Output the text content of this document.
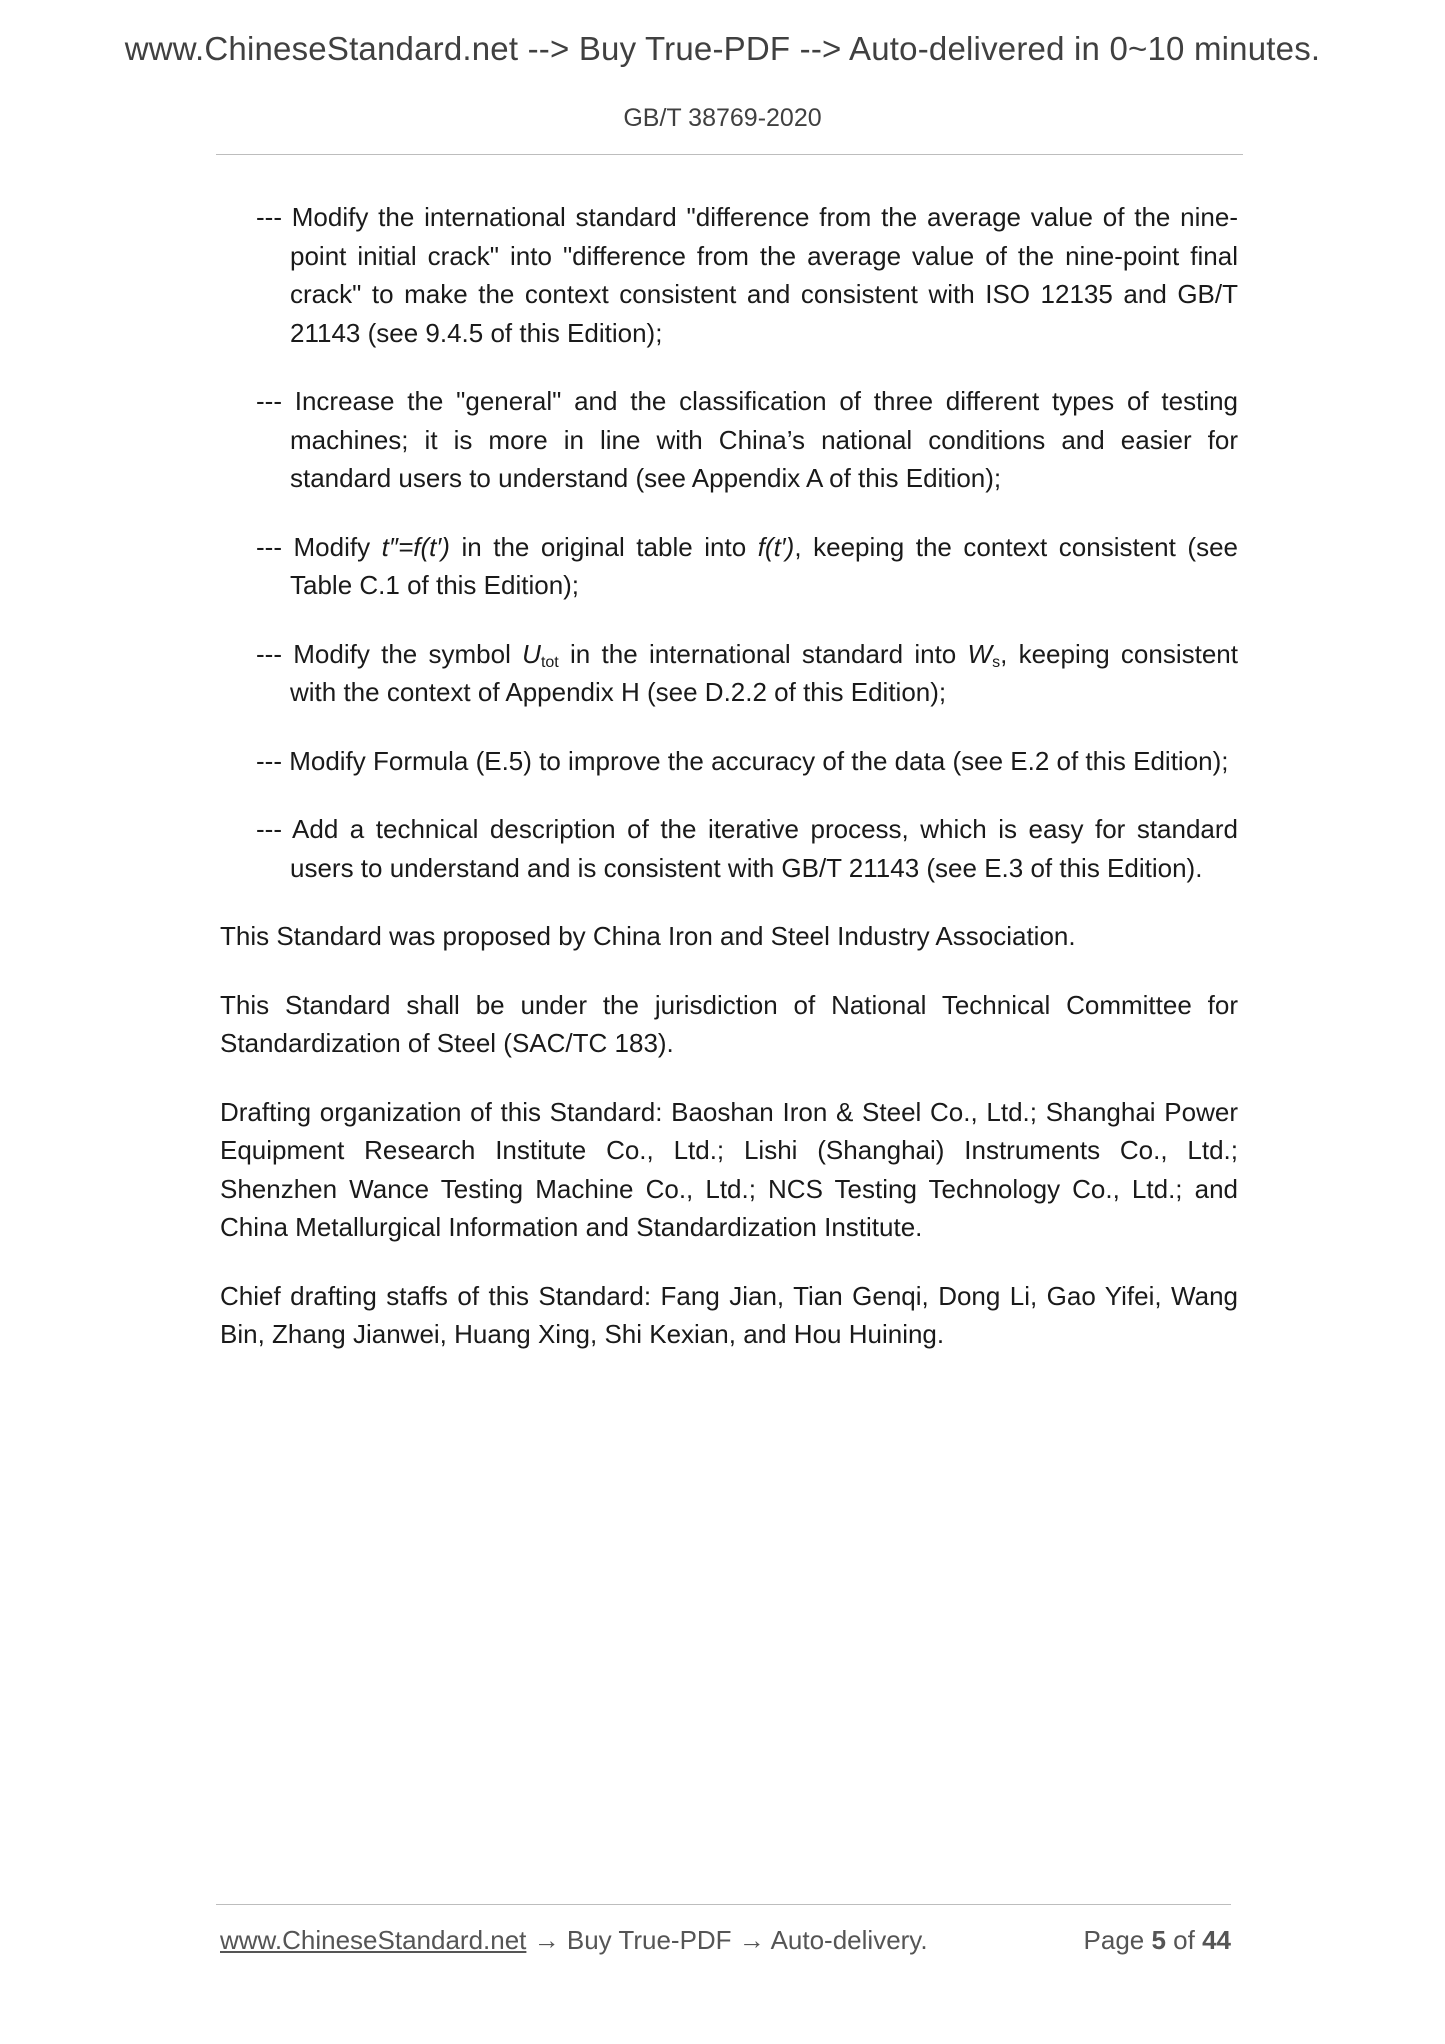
www.ChineseStandard.net --> Buy True-PDF --> Auto-delivered in 0~10 minutes.
GB/T 38769-2020

--- Modify the international standard "difference from the average value of the nine-point initial crack" into "difference from the average value of the nine-point final crack" to make the context consistent and consistent with ISO 12135 and GB/T 21143 (see 9.4.5 of this Edition);

--- Increase the "general" and the classification of three different types of testing machines; it is more in line with China’s national conditions and easier for standard users to understand (see Appendix A of this Edition);

--- Modify t″=f(t′) in the original table into f(t′), keeping the context consistent (see Table C.1 of this Edition);

--- Modify the symbol $U_{tot}$ in the international standard into $W_s$, keeping consistent with the context of Appendix H (see D.2.2 of this Edition);

--- Modify Formula (E.5) to improve the accuracy of the data (see E.2 of this Edition);

--- Add a technical description of the iterative process, which is easy for standard users to understand and is consistent with GB/T 21143 (see E.3 of this Edition).

This Standard was proposed by China Iron and Steel Industry Association.

This Standard shall be under the jurisdiction of National Technical Committee for Standardization of Steel (SAC/TC 183).

Drafting organization of this Standard: Baoshan Iron & Steel Co., Ltd.; Shanghai Power Equipment Research Institute Co., Ltd.; Lishi (Shanghai) Instruments Co., Ltd.; Shenzhen Wance Testing Machine Co., Ltd.; NCS Testing Technology Co., Ltd.; and China Metallurgical Information and Standardization Institute.

Chief drafting staffs of this Standard: Fang Jian, Tian Genqi, Dong Li, Gao Yifei, Wang Bin, Zhang Jianwei, Huang Xing, Shi Kexian, and Hou Huining.

www.ChineseStandard.net → Buy True-PDF → Auto-delivery.	Page 5 of 44
